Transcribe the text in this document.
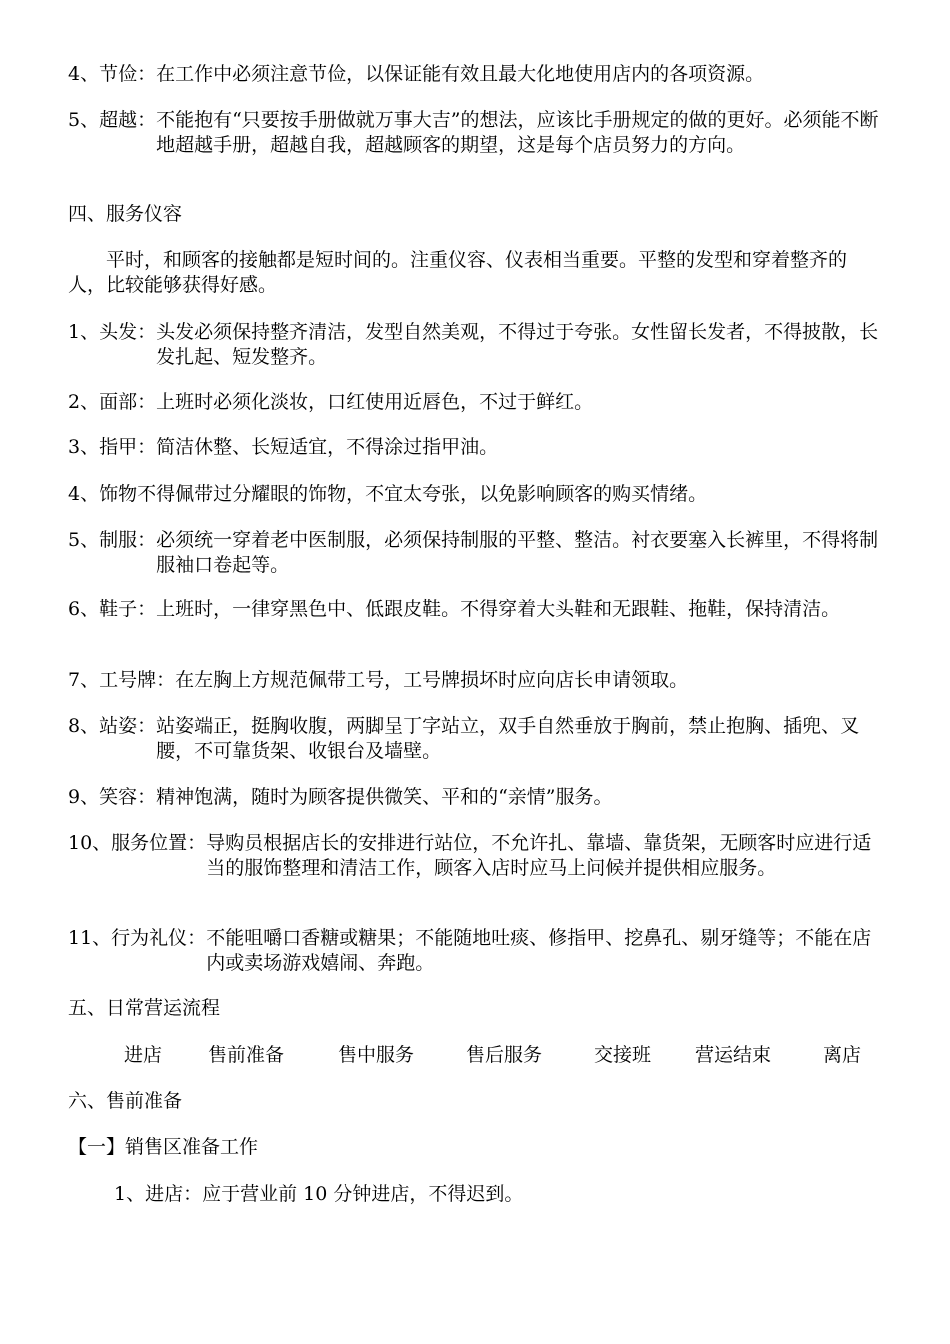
4、节俭： 在工作中必须注意节俭，以保证能有效且最大化地使用店内的各项资源。
5、超越： 不能抱有“只要按手册做就万事大吉”的想法，应该比手册规定的做的更好。必须能不断地超越手册，超越自我，超越顾客的期望，这是每个店员努力的方向。
四、服务仪容
平时，和顾客的接触都是短时间的。注重仪容、仪表相当重要。平整的发型和穿着整齐的人，比较能够获得好感。
1、头发： 头发必须保持整齐清洁，发型自然美观，不得过于夸张。女性留长发者，不得披散，长发扎起、短发整齐。
2、面部： 上班时必须化淡妆，口红使用近唇色，不过于鲜红。
3、指甲： 简洁休整、长短适宜，不得涂过指甲油。
4、饰物不得佩带过分耀眼的饰物，不宜太夸张，以免影响顾客的购买情绪。
5、制服： 必须统一穿着老中医制服，必须保持制服的平整、整洁。衬衣要塞入长裤里，不得将制服袖口卷起等。
6、鞋子： 上班时，一律穿黑色中、低跟皮鞋。不得穿着大头鞋和无跟鞋、拖鞋，保持清洁。
7、工号牌： 在左胸上方规范佩带工号，工号牌损坏时应向店长申请领取。
8、站姿： 站姿端正，挺胸收腹，两脚呈丁字站立，双手自然垂放于胸前，禁止抱胸、插兜、叉腰，不可靠货架、收银台及墙壁。
9、笑容： 精神饱满，随时为顾客提供微笑、平和的“亲情”服务。
10、服务位置： 导购员根据店长的安排进行站位，不允许扎、靠墙、靠货架，无顾客时应进行适当的服饰整理和清洁工作，顾客入店时应马上问候并提供相应服务。
11、行为礼仪： 不能咀嚼口香糖或糖果；不能随地吐痰、修指甲、挖鼻孔、剔牙缝等；不能在店内或卖场游戏嬉闹、奔跑。
五、日常营运流程
进店 售前准备	售中服务	售后服务	交接班 营运结束	离店
六、售前准备
【一】销售区准备工作
1、进店：应于营业前 10 分钟进店，不得迟到。
